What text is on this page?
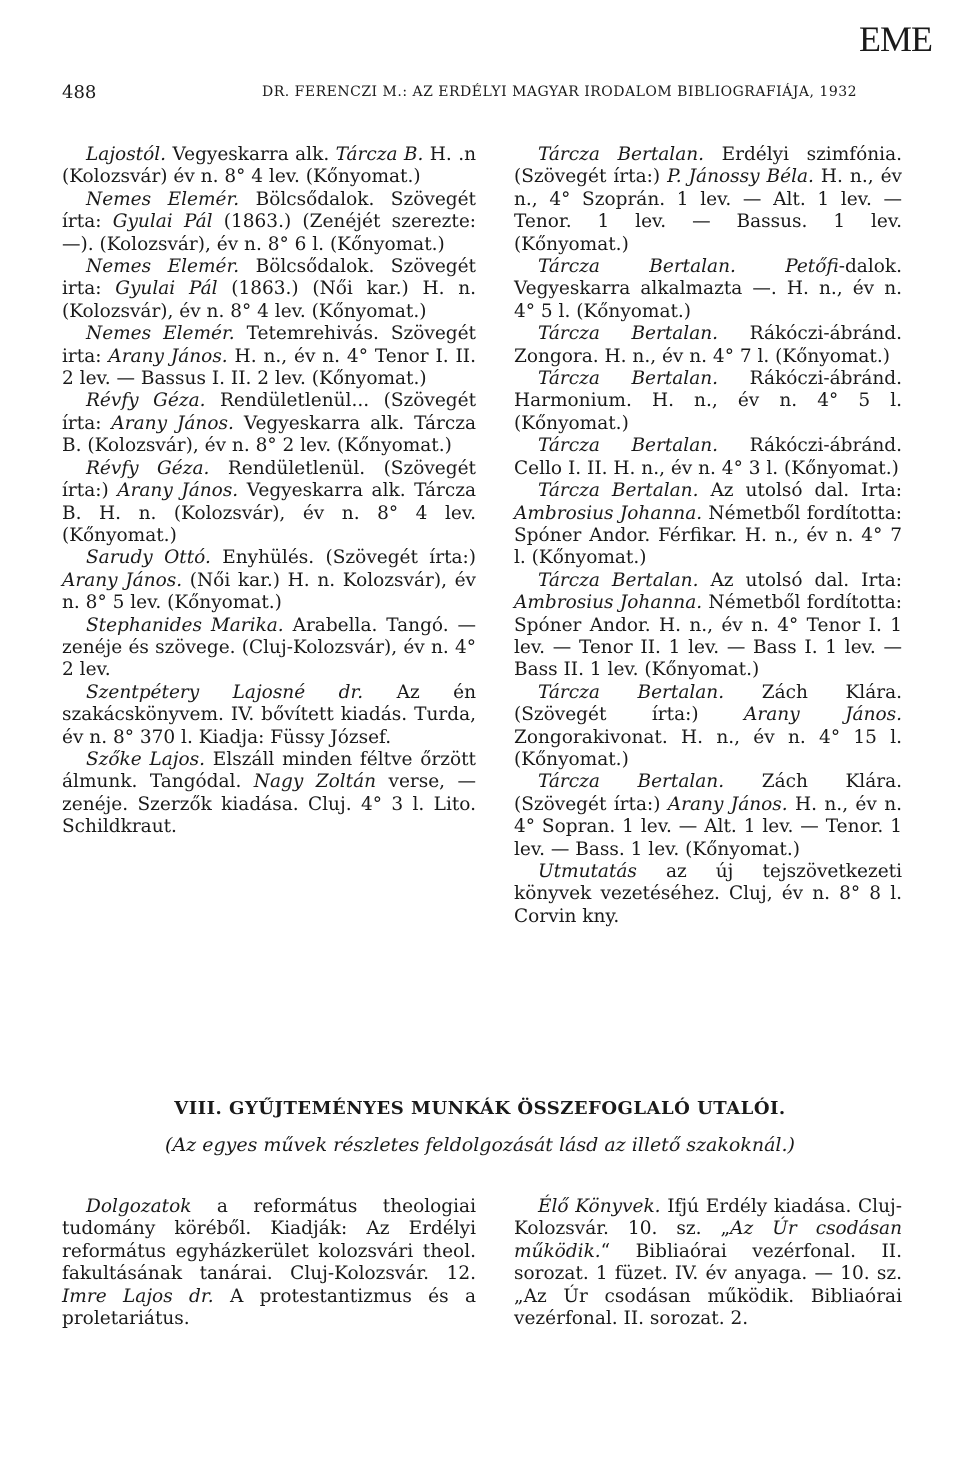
EME
488	DR. FERENCZI M.: AZ ERDÉLYI MAGYAR IRODALOM BIBLIOGRAFIÁJA, 1932

Lajostól. Vegyeskarra alk. Tárcza B. H. .n (Kolozsvár) év n. 8° 4 lev. (Kőnyomat.)

Nemes Elemér. Bölcsődalok. Szövegét írta: Gyulai Pál (1863.) (Zenéjét szerezte: —). (Kolozsvár), év n. 8° 6 l. (Kőnyomat.)

Nemes Elemér. Bölcsődalok. Szövegét irta: Gyulai Pál (1863.) (Női kar.) H. n. (Kolozsvár), év n. 8° 4 lev. (Kőnyomat.)

Nemes Elemér. Tetemrehivás. Szövegét irta: Arany János. H. n., év n. 4° Tenor I. II. 2 lev. — Bassus I. II. 2 lev. (Kőnyomat.)

Révfy Géza. Rendületlenül... (Szövegét írta: Arany János. Vegyeskarra alk. Tárcza B. (Kolozsvár), év n. 8° 2 lev. (Kőnyomat.)

Révfy Géza. Rendületlenül. (Szövegét írta:) Arany János. Vegyeskarra alk. Tárcza B. H. n. (Kolozsvár), év n. 8° 4 lev. (Kőnyomat.)

Sarudy Ottó. Enyhülés. (Szövegét írta:) Arany János. (Női kar.) H. n. Kolozsvár), év n. 8° 5 lev. (Kőnyomat.)

Stephanides Marika. Arabella. Tangó. — zenéje és szövege. (Cluj-Kolozsvár), év n. 4° 2 lev.

Szentpétery Lajosné dr. Az én szakácskönyvem. IV. bővített kiadás. Turda, év n. 8° 370 l. Kiadja: Füssy József.

Szőke Lajos. Elszáll minden féltve őrzött álmunk. Tangódal. Nagy Zoltán verse, — zenéje. Szerzők kiadása. Cluj. 4° 3 l. Lito. Schildkraut.

Tárcza Bertalan. Erdélyi szimfónia. (Szövegét írta:) P. Jánossy Béla. H. n., év n., 4° Szoprán. 1 lev. — Alt. 1 lev. — Tenor. 1 lev. — Bassus. 1 lev. (Kőnyomat.)

Tárcza Bertalan.	Petőfi-dalok. Vegyeskarra alkalmazta —. H. n., év n. 4° 5 l. (Kőnyomat.)

Tárcza Bertalan. Rákóczi-ábránd. Zongora. H. n., év n. 4° 7 l. (Kőnyomat.)

Tárcza Bertalan. Rákóczi-ábránd. Harmonium. H. n., év n. 4° 5 l. (Kőnyomat.)

Tárcza Bertalan. Rákóczi-ábránd. Cello I. II. H. n., év n. 4° 3 l. (Kőnyomat.)

Tárcza Bertalan. Az utolsó dal. Irta: Ambrosius Johanna. Németből fordította: Spóner Andor. Férfikar. H. n., év n. 4° 7 l. (Kőnyomat.)

Tárcza Bertalan. Az utolsó dal. Irta: Ambrosius Johanna. Németből fordította: Spóner Andor. H. n., év n. 4° Tenor I. 1 lev. — Tenor II. 1 lev. — Bass I. 1 lev. — Bass II. 1 lev. (Kőnyomat.)

Tárcza Bertalan. Zách Klára. (Szövegét írta:) Arany János. Zongorakivonat. H. n., év n. 4° 15 l. (Kőnyomat.)

Tárcza Bertalan. Zách Klára. (Szövegét írta:) Arany János. H. n., év n. 4° Sopran. 1 lev. — Alt. 1 lev. — Tenor. 1 lev. — Bass. 1 lev. (Kőnyomat.)

Utmutatás az új tejszövetkezeti könyvek vezetéséhez. Cluj, év n. 8° 8 l. Corvin kny.

VIII. GYŰJTEMÉNYES MUNKÁK ÖSSZEFOGLALÓ UTALÓI.
(Az egyes művek részletes feldolgozását lásd az illető szakoknál.)

Dolgozatok a református theologiai tudomány köréből. Kiadják: Az Erdélyi református egyházkerület kolozsvári theol. fakultásának tanárai. Cluj-Kolozsvár. 12. Imre Lajos dr. A protestantizmus és a proletariátus.

Élő Könyvek. Ifjú Erdély kiadása. Cluj-Kolozsvár. 10. sz. „Az Úr csodásan működik.“ Bibliaórai vezérfonal. II. sorozat. 1 füzet. IV. év anyaga. — 10. sz. „Az Úr csodásan működik. Bibliaórai vezérfonal. II. sorozat. 2.
